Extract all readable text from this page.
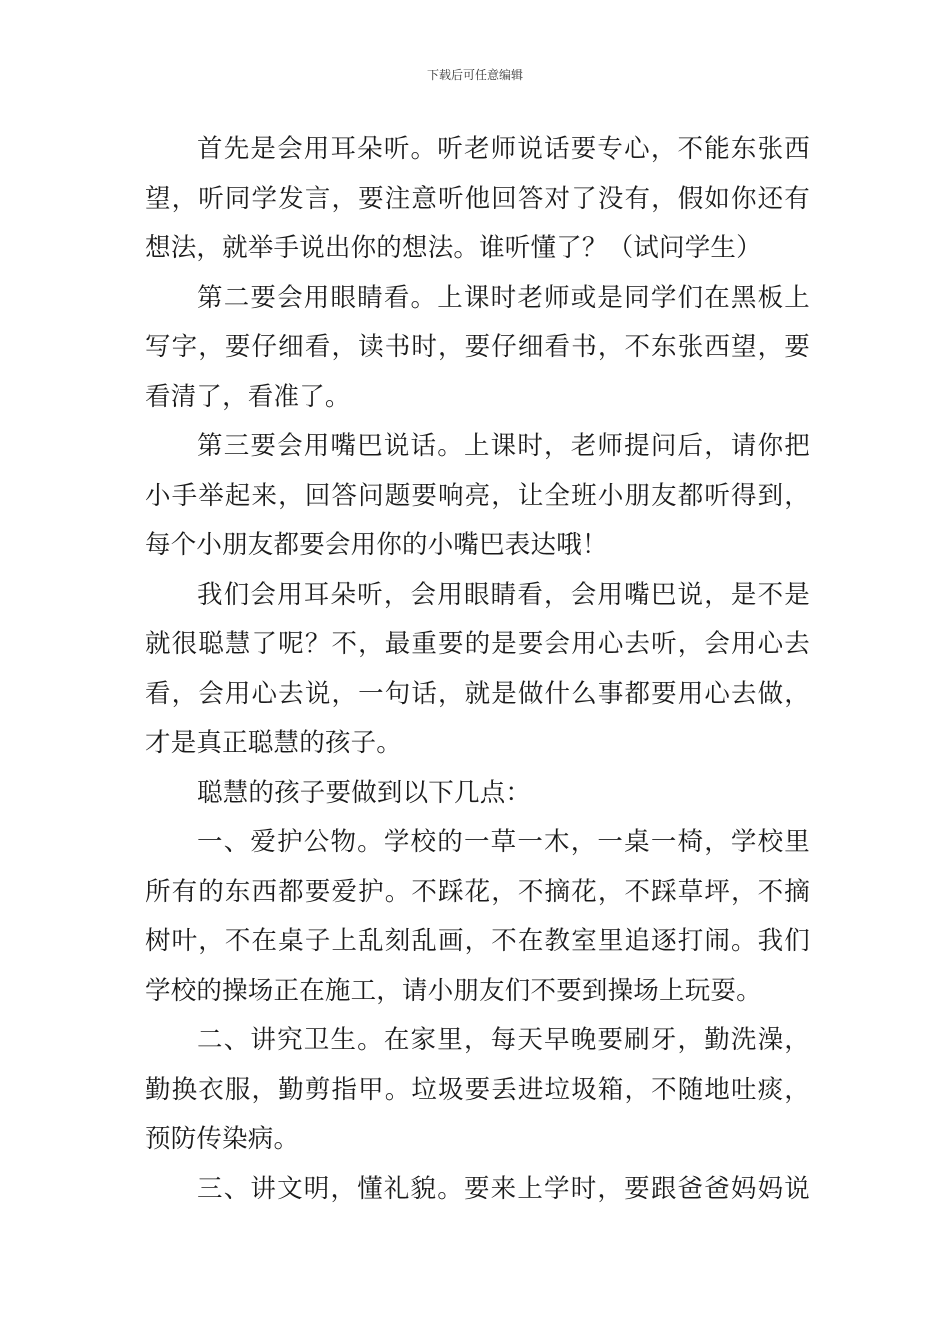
下载后可任意编辑
首先是会用耳朵听。听老师说话要专心，不能东张西
望，听同学发言，要注意听他回答对了没有，假如你还有
想法，就举手说出你的想法。谁听懂了？（试问学生）
第二要会用眼睛看。上课时老师或是同学们在黑板上
写字，要仔细看，读书时，要仔细看书，不东张西望，要
看清了，看准了。
第三要会用嘴巴说话。上课时，老师提问后，请你把
小手举起来，回答问题要响亮，让全班小朋友都听得到，
每个小朋友都要会用你的小嘴巴表达哦！
我们会用耳朵听，会用眼睛看，会用嘴巴说，是不是
就很聪慧了呢？不，最重要的是要会用心去听，会用心去
看，会用心去说，一句话，就是做什么事都要用心去做，
才是真正聪慧的孩子。
聪慧的孩子要做到以下几点：
一、爱护公物。学校的一草一木，一桌一椅，学校里
所有的东西都要爱护。不踩花，不摘花，不踩草坪，不摘
树叶，不在桌子上乱刻乱画，不在教室里追逐打闹。我们
学校的操场正在施工，请小朋友们不要到操场上玩耍。
二、讲究卫生。在家里，每天早晚要刷牙，勤洗澡，
勤换衣服，勤剪指甲。垃圾要丢进垃圾箱，不随地吐痰，
预防传染病。
三、讲文明，懂礼貌。要来上学时，要跟爸爸妈妈说
